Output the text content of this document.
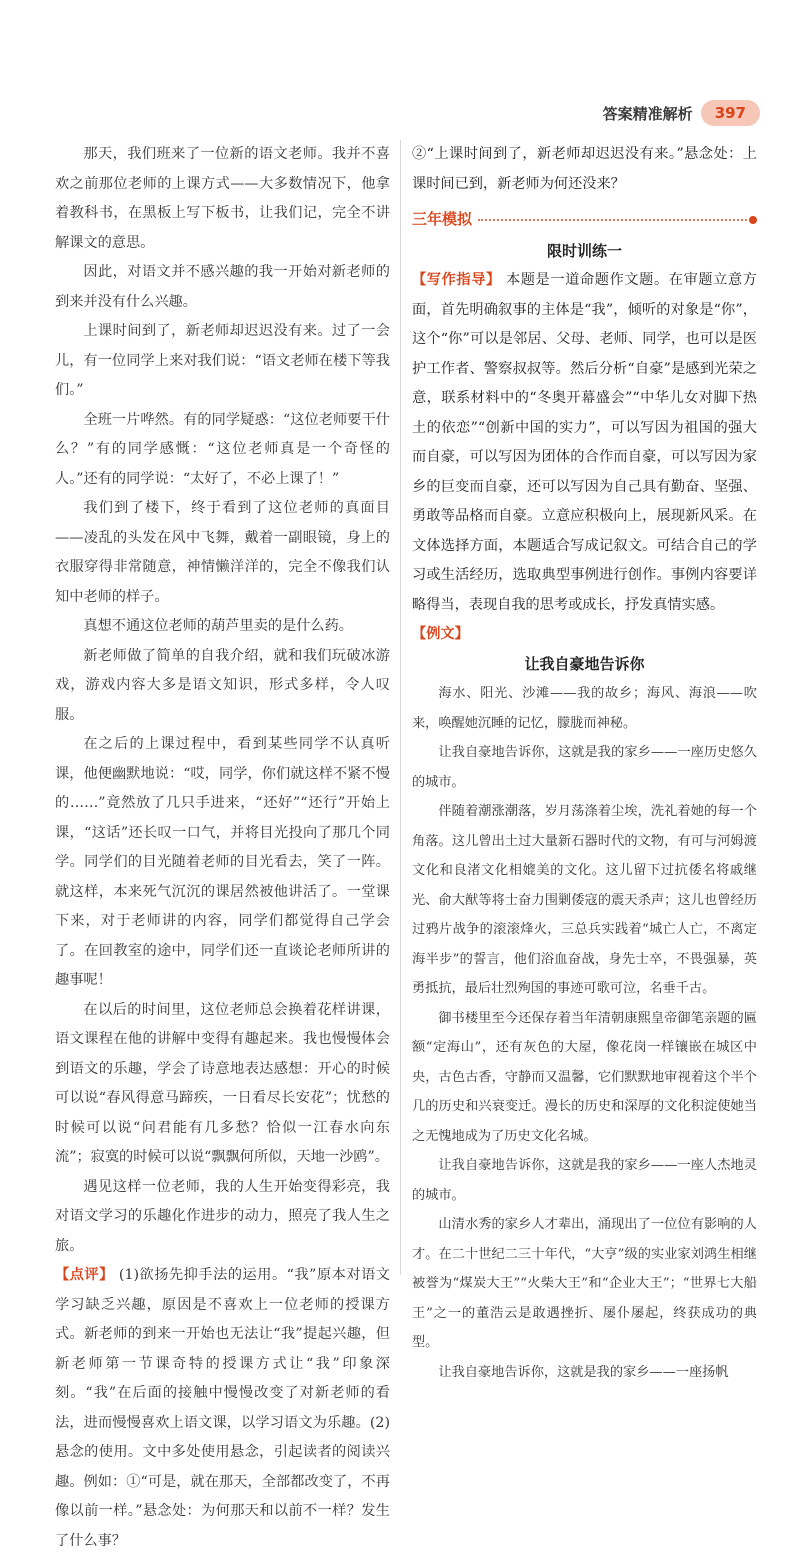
答案精准解析	397

那天，我们班来了一位新的语文老师。我并不喜欢之前那位老师的上课方式——大多数情况下，他拿着教科书，在黑板上写下板书，让我们记，完全不讲解课文的意思。

因此，对语文并不感兴趣的我一开始对新老师的到来并没有什么兴趣。

上课时间到了，新老师却迟迟没有来。过了一会儿，有一位同学上来对我们说：“语文老师在楼下等我们。”

全班一片哗然。有的同学疑惑：“这位老师要干什么？”有的同学感慨：“这位老师真是一个奇怪的人。”还有的同学说：“太好了，不必上课了！”

我们到了楼下，终于看到了这位老师的真面目——凌乱的头发在风中飞舞，戴着一副眼镜，身上的衣服穿得非常随意，神情懒洋洋的，完全不像我们认知中老师的样子。

真想不通这位老师的葫芦里卖的是什么药。

新老师做了简单的自我介绍，就和我们玩破冰游戏，游戏内容大多是语文知识，形式多样，令人叹服。

在之后的上课过程中，看到某些同学不认真听课，他便幽默地说：“哎，同学，你们就这样不紧不慢的……”竟然放了几只手进来，“还好”“还行”开始上课，“这话”还长叹一口气，并将目光投向了那几个同学。同学们的目光随着老师的目光看去，笑了一阵。就这样，本来死气沉沉的课居然被他讲活了。一堂课下来，对于老师讲的内容，同学们都觉得自己学会了。在回教室的途中，同学们还一直谈论老师所讲的趣事呢！

在以后的时间里，这位老师总会换着花样讲课，语文课程在他的讲解中变得有趣起来。我也慢慢体会到语文的乐趣，学会了诗意地表达感想：开心的时候可以说“春风得意马蹄疾，一日看尽长安花”；忧愁的时候可以说“问君能有几多愁？恰似一江春水向东流”；寂寞的时候可以说“飘飘何所似，天地一沙鸥”。

遇见这样一位老师，我的人生开始变得彩亮，我对语文学习的乐趣化作进步的动力，照亮了我人生之旅。

【点评】 (1)欲扬先抑手法的运用。“我”原本对语文学习缺乏兴趣，原因是不喜欢上一位老师的授课方式。新老师的到来一开始也无法让“我”提起兴趣，但新老师第一节课奇特的授课方式让“我”印象深刻。“我”在后面的接触中慢慢改变了对新老师的看法，进而慢慢喜欢上语文课，以学习语文为乐趣。(2)悬念的使用。文中多处使用悬念，引起读者的阅读兴趣。例如：①“可是，就在那天，全部都改变了，不再像以前一样。”悬念处：为何那天和以前不一样？发生了什么事？

②“上课时间到了，新老师却迟迟没有来。”悬念处：上课时间已到，新老师为何还没来？

三年模拟
限时训练一

【写作指导】 本题是一道命题作文题。在审题立意方面，首先明确叙事的主体是“我”，倾听的对象是“你”，这个“你”可以是邻居、父母、老师、同学，也可以是医护工作者、警察叔叔等。然后分析“自豪”是感到光荣之意，联系材料中的“冬奥开幕盛会”“中华儿女对脚下热土的依恋”“创新中国的实力”，可以写因为祖国的强大而自豪，可以写因为团体的合作而自豪，可以写因为家乡的巨变而自豪，还可以写因为自己具有勤奋、坚强、勇敢等品格而自豪。立意应积极向上，展现新风采。在文体选择方面，本题适合写成记叙文。可结合自己的学习或生活经历，选取典型事例进行创作。事例内容要详略得当，表现自我的思考或成长，抒发真情实感。

【例文】

让我自豪地告诉你

海水、阳光、沙滩——我的故乡；海风、海浪——吹来，唤醒她沉睡的记忆，朦胧而神秘。

让我自豪地告诉你，这就是我的家乡——一座历史悠久的城市。

伴随着潮涨潮落，岁月荡涤着尘埃，洗礼着她的每一个角落。这儿曾出土过大量新石器时代的文物，有可与河姆渡文化和良渚文化相媲美的文化。这儿留下过抗倭名将戚继光、俞大猷等将士奋力围剿倭寇的震天杀声；这儿也曾经历过鸦片战争的滚滚烽火，三总兵实践着“城亡人亡，不离定海半步”的誓言，他们浴血奋战，身先士卒，不畏强暴，英勇抵抗，最后壮烈殉国的事迹可歌可泣，名垂千古。

御书楼里至今还保存着当年清朝康熙皇帝御笔亲题的匾额“定海山”，还有灰色的大屋，像花岗一样镶嵌在城区中央，古色古香，守静而又温馨，它们默默地审视着这个半个几的历史和兴衰变迁。漫长的历史和深厚的文化积淀使她当之无愧地成为了历史文化名城。

让我自豪地告诉你，这就是我的家乡——一座人杰地灵的城市。

山清水秀的家乡人才辈出，涌现出了一位位有影响的人才。在二十世纪二三十年代，“大亨”级的实业家刘鸿生相继被誉为“煤炭大王”“火柴大王”和“企业大王”；“世界七大船王”之一的董浩云是敢遇挫折、屡仆屡起，终获成功的典型。

让我自豪地告诉你，这就是我的家乡——一座扬帆
